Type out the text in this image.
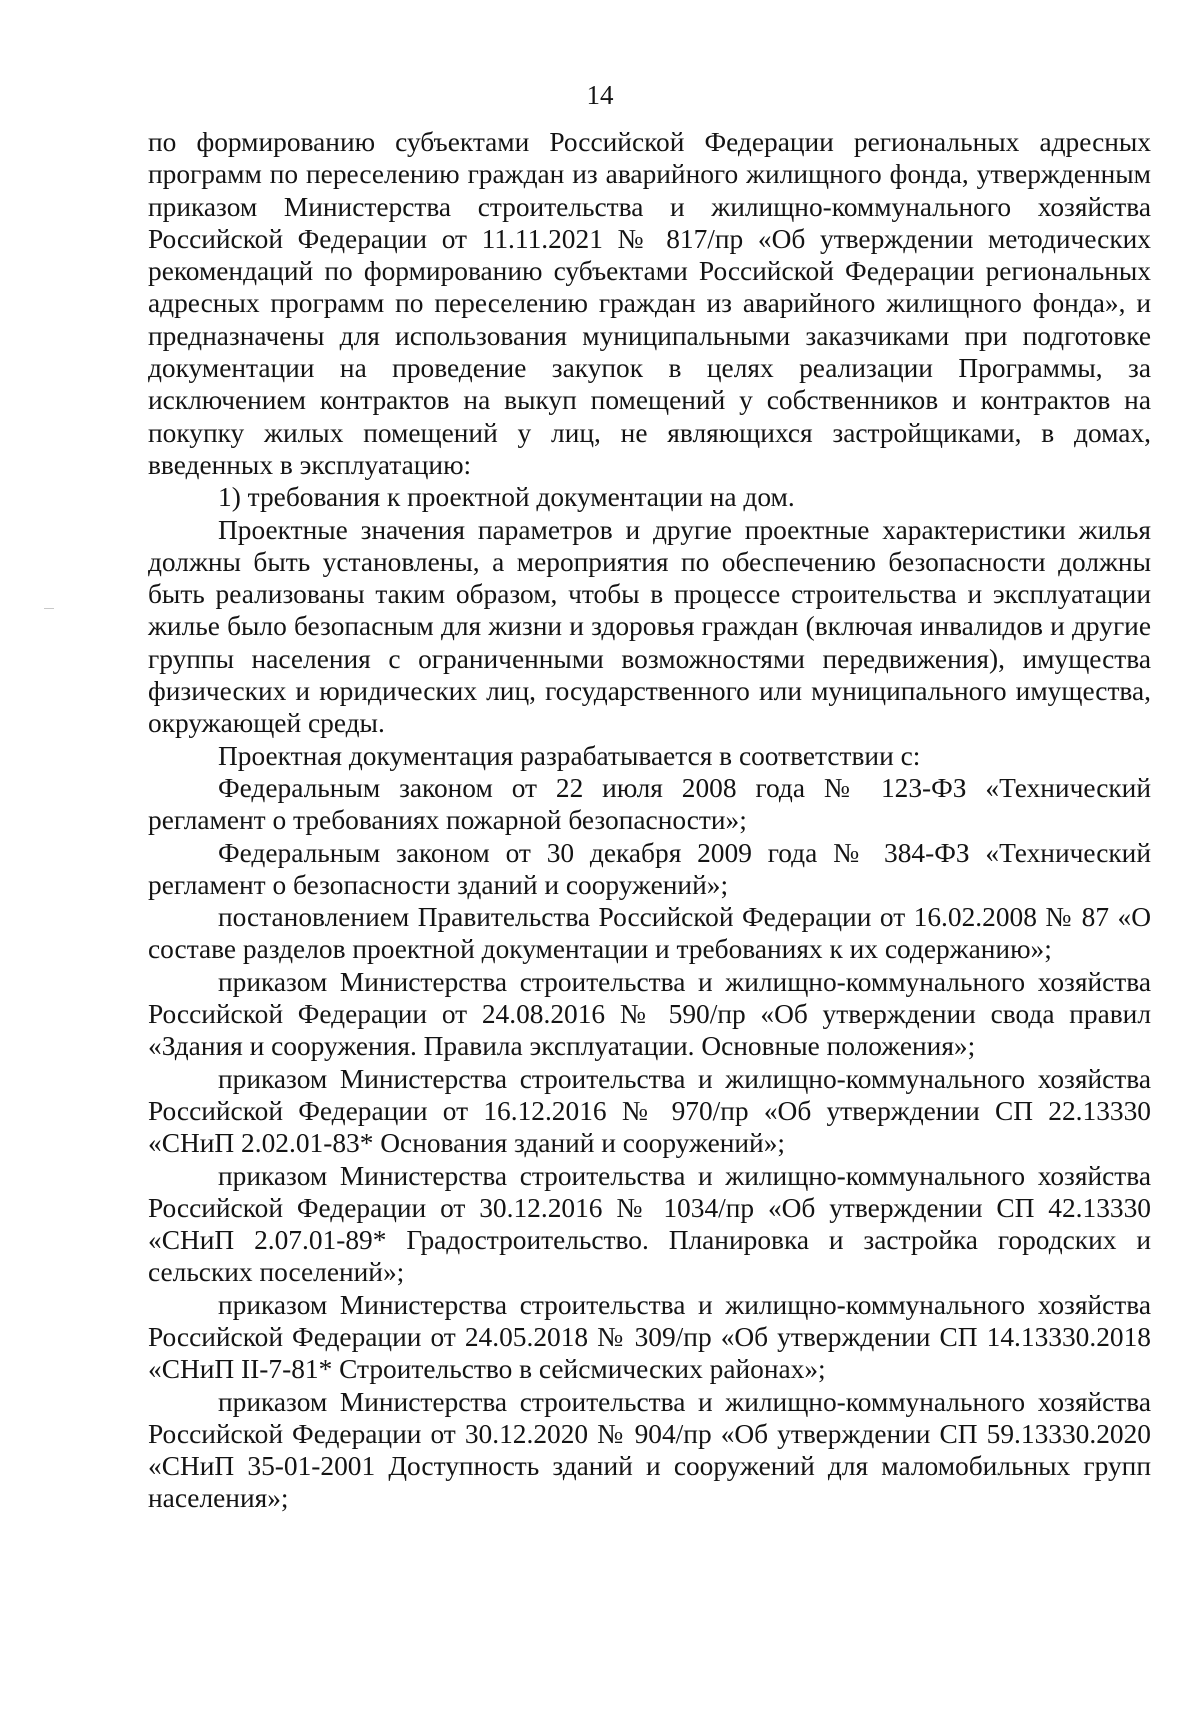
14

по формированию субъектами Российской Федерации региональных адресных программ по переселению граждан из аварийного жилищного фонда, утвержденным приказом Министерства строительства и жилищно-коммунального хозяйства Российской Федерации от 11.11.2021 № 817/пр «Об утверждении методических рекомендаций по формированию субъектами Российской Федерации региональных адресных программ по переселению граждан из аварийного жилищного фонда», и предназначены для использования муниципальными заказчиками при подготовке документации на проведение закупок в целях реализации Программы, за исключением контрактов на выкуп помещений у собственников и контрактов на покупку жилых помещений у лиц, не являющихся застройщиками, в домах, введенных в эксплуатацию:

1) требования к проектной документации на дом.

Проектные значения параметров и другие проектные характеристики жилья должны быть установлены, а мероприятия по обеспечению безопасности должны быть реализованы таким образом, чтобы в процессе строительства и эксплуатации жилье было безопасным для жизни и здоровья граждан (включая инвалидов и другие группы населения с ограниченными возможностями передвижения), имущества физических и юридических лиц, государственного или муниципального имущества, окружающей среды.

Проектная документация разрабатывается в соответствии с:

Федеральным законом от 22 июля 2008 года № 123-ФЗ «Технический регламент о требованиях пожарной безопасности»;

Федеральным законом от 30 декабря 2009 года № 384-ФЗ «Технический регламент о безопасности зданий и сооружений»;

постановлением Правительства Российской Федерации от 16.02.2008 № 87 «О составе разделов проектной документации и требованиях к их содержанию»;

приказом Министерства строительства и жилищно-коммунального хозяйства Российской Федерации от 24.08.2016 № 590/пр «Об утверждении свода правил «Здания и сооружения. Правила эксплуатации. Основные положения»;

приказом Министерства строительства и жилищно-коммунального хозяйства Российской Федерации от 16.12.2016 № 970/пр «Об утверждении СП 22.13330 «СНиП 2.02.01-83* Основания зданий и сооружений»;

приказом Министерства строительства и жилищно-коммунального хозяйства Российской Федерации от 30.12.2016 № 1034/пр «Об утверждении СП 42.13330 «СНиП 2.07.01-89* Градостроительство. Планировка и застройка городских и сельских поселений»;

приказом Министерства строительства и жилищно-коммунального хозяйства Российской Федерации от 24.05.2018 № 309/пр «Об утверждении СП 14.13330.2018 «СНиП II-7-81* Строительство в сейсмических районах»;

приказом Министерства строительства и жилищно-коммунального хозяйства Российской Федерации от 30.12.2020 № 904/пр «Об утверждении СП 59.13330.2020 «СНиП 35-01-2001 Доступность зданий и сооружений для маломобильных групп населения»;
